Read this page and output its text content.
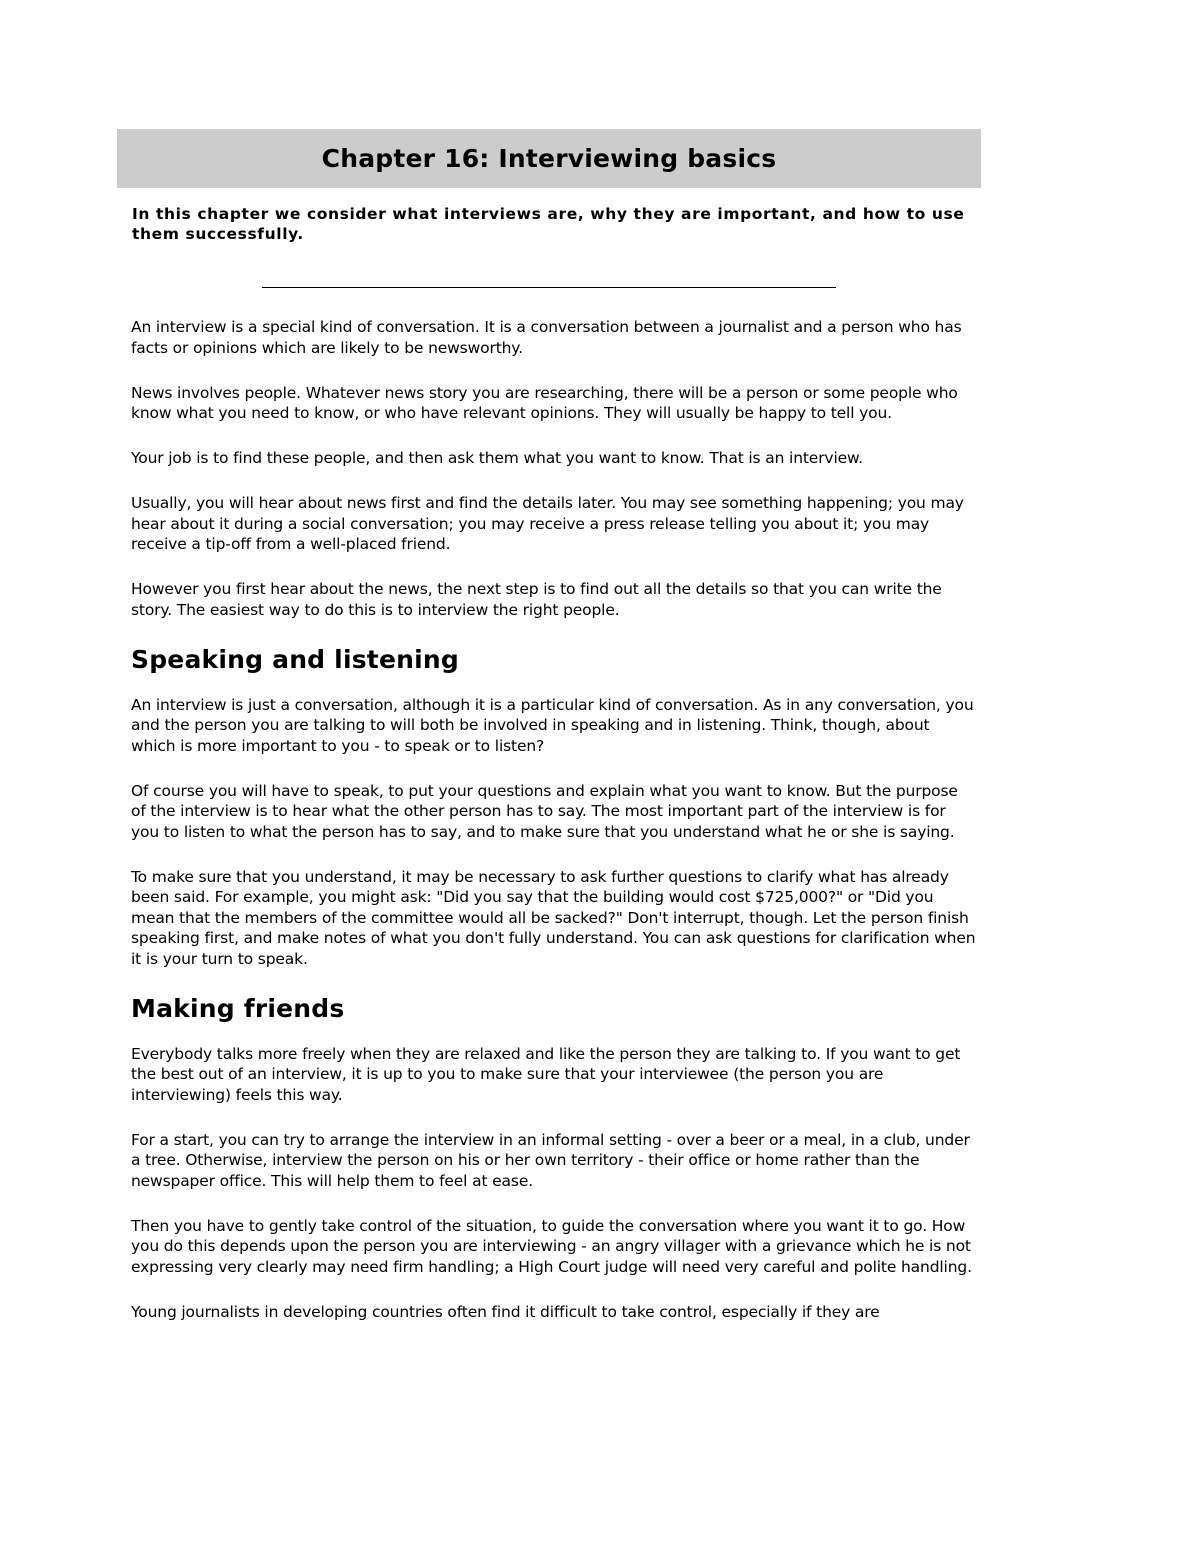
Chapter 16: Interviewing basics

In this chapter we consider what interviews are, why they are important, and how to use them successfully.

An interview is a special kind of conversation. It is a conversation between a journalist and a person who has facts or opinions which are likely to be newsworthy.

News involves people. Whatever news story you are researching, there will be a person or some people who know what you need to know, or who have relevant opinions. They will usually be happy to tell you.

Your job is to find these people, and then ask them what you want to know. That is an interview.

Usually, you will hear about news first and find the details later. You may see something happening; you may hear about it during a social conversation; you may receive a press release telling you about it; you may receive a tip-off from a well-placed friend.

However you first hear about the news, the next step is to find out all the details so that you can write the story. The easiest way to do this is to interview the right people.

Speaking and listening

An interview is just a conversation, although it is a particular kind of conversation. As in any conversation, you and the person you are talking to will both be involved in speaking and in listening. Think, though, about which is more important to you - to speak or to listen?

Of course you will have to speak, to put your questions and explain what you want to know. But the purpose of the interview is to hear what the other person has to say. The most important part of the interview is for you to listen to what the person has to say, and to make sure that you understand what he or she is saying.

To make sure that you understand, it may be necessary to ask further questions to clarify what has already been said. For example, you might ask: "Did you say that the building would cost $725,000?" or "Did you mean that the members of the committee would all be sacked?" Don't interrupt, though. Let the person finish speaking first, and make notes of what you don't fully understand. You can ask questions for clarification when it is your turn to speak.

Making friends

Everybody talks more freely when they are relaxed and like the person they are talking to. If you want to get the best out of an interview, it is up to you to make sure that your interviewee (the person you are interviewing) feels this way.

For a start, you can try to arrange the interview in an informal setting - over a beer or a meal, in a club, under a tree. Otherwise, interview the person on his or her own territory - their office or home rather than the newspaper office. This will help them to feel at ease.

Then you have to gently take control of the situation, to guide the conversation where you want it to go. How you do this depends upon the person you are interviewing - an angry villager with a grievance which he is not expressing very clearly may need firm handling; a High Court judge will need very careful and polite handling.

Young journalists in developing countries often find it difficult to take control, especially if they are
